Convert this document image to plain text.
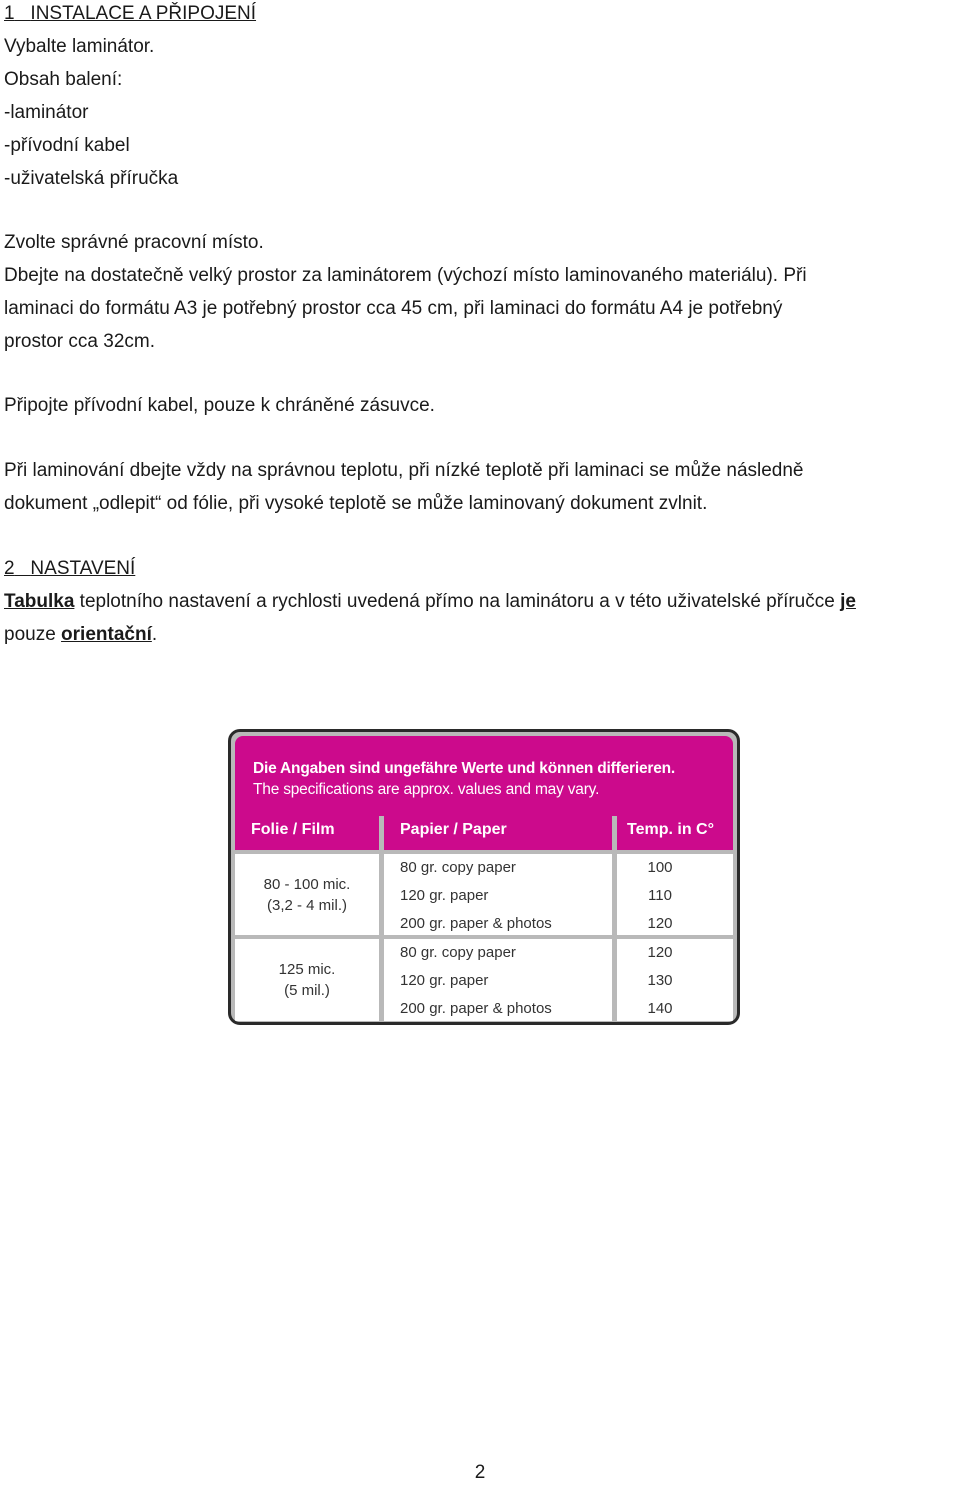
1 INSTALACE A PŘIPOJENÍ
Vybalte laminátor.
Obsah balení:
-laminátor
-přívodní kabel
-uživatelská příručka
Zvolte správné pracovní místo.
Dbejte na dostatečně velký prostor za laminátorem (výchozí místo laminovaného materiálu). Při
laminaci do formátu A3 je potřebný prostor cca 45 cm, při laminaci do formátu A4 je potřebný
prostor cca 32cm.
Připojte přívodní kabel, pouze k chráněné zásuvce.
Při laminování dbejte vždy na správnou teplotu, při nízké teplotě při laminaci se může následně
dokument „odlepit“ od fólie, při vysoké teplotě se může laminovaný dokument zvlnit.
2 NASTAVENÍ
Tabulka teplotního nastavení a rychlosti uvedená přímo na laminátoru a v této uživatelské příručce je
pouze orientační.
Die Angaben sind ungefähre Werte und können differieren.
The specifications are approx. values and may vary.
Folie / Film	Papier / Paper	Temp. in C°
80 - 100 mic.
(3,2 - 4 mil.)
80 gr. copy paper
120 gr. paper
200 gr. paper & photos
100
110
120
125 mic.
(5 mil.)
80 gr. copy paper
120 gr. paper
200 gr. paper & photos
120
130
140
2
